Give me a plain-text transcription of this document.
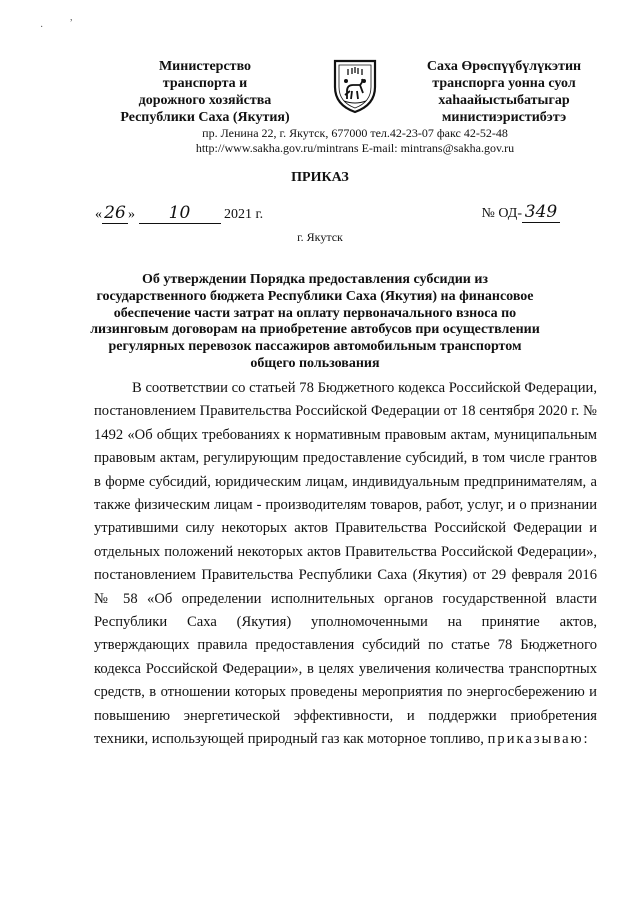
·
,
Министерство
транспорта и
дорожного хозяйства
Республики Саха (Якутия)
Саха Өрөспүүбүлүкэтин
транспорга уонна суол
хаһаайыстыбатыгар
министиэристибэтэ
пр. Ленина 22, г. Якутск, 677000 тел.42-23-07 факс 42-52-48
http://www.sakha.gov.ru/mintrans E-mail: mintrans@sakha.gov.ru
ПРИКАЗ
« 26 » 10 2021 г.	№ ОД- 349
г. Якутск
Об утверждении Порядка предоставления субсидии из государственного бюджета Республики Саха (Якутия) на финансовое обеспечение части затрат на оплату первоначального взноса по лизинговым договорам на приобретение автобусов при осуществлении регулярных перевозок пассажиров автомобильным транспортом общего пользования
В соответствии со статьей 78 Бюджетного кодекса Российской Федерации, постановлением Правительства Российской Федерации от 18 сентября 2020 г. № 1492 «Об общих требованиях к нормативным правовым актам, муниципальным правовым актам, регулирующим предоставление субсидий, в том числе грантов в форме субсидий, юридическим лицам, индивидуальным предпринимателям, а также физическим лицам - производителям товаров, работ, услуг, и о признании утратившими силу некоторых актов Правительства Российской Федерации и отдельных положений некоторых актов Правительства Российской Федерации», постановлением Правительства Республики Саха (Якутия) от 29 февраля 2016 № 58 «Об определении исполнительных органов государственной власти Республики Саха (Якутия) уполномоченными на принятие актов, утверждающих правила предоставления субсидий по статье 78 Бюджетного кодекса Российской Федерации», в целях увеличения количества транспортных средств, в отношении которых проведены мероприятия по энергосбережению и повышению энергетической эффективности, и поддержки приобретения техники, использующей природный газ как моторное топливо, приказываю:
